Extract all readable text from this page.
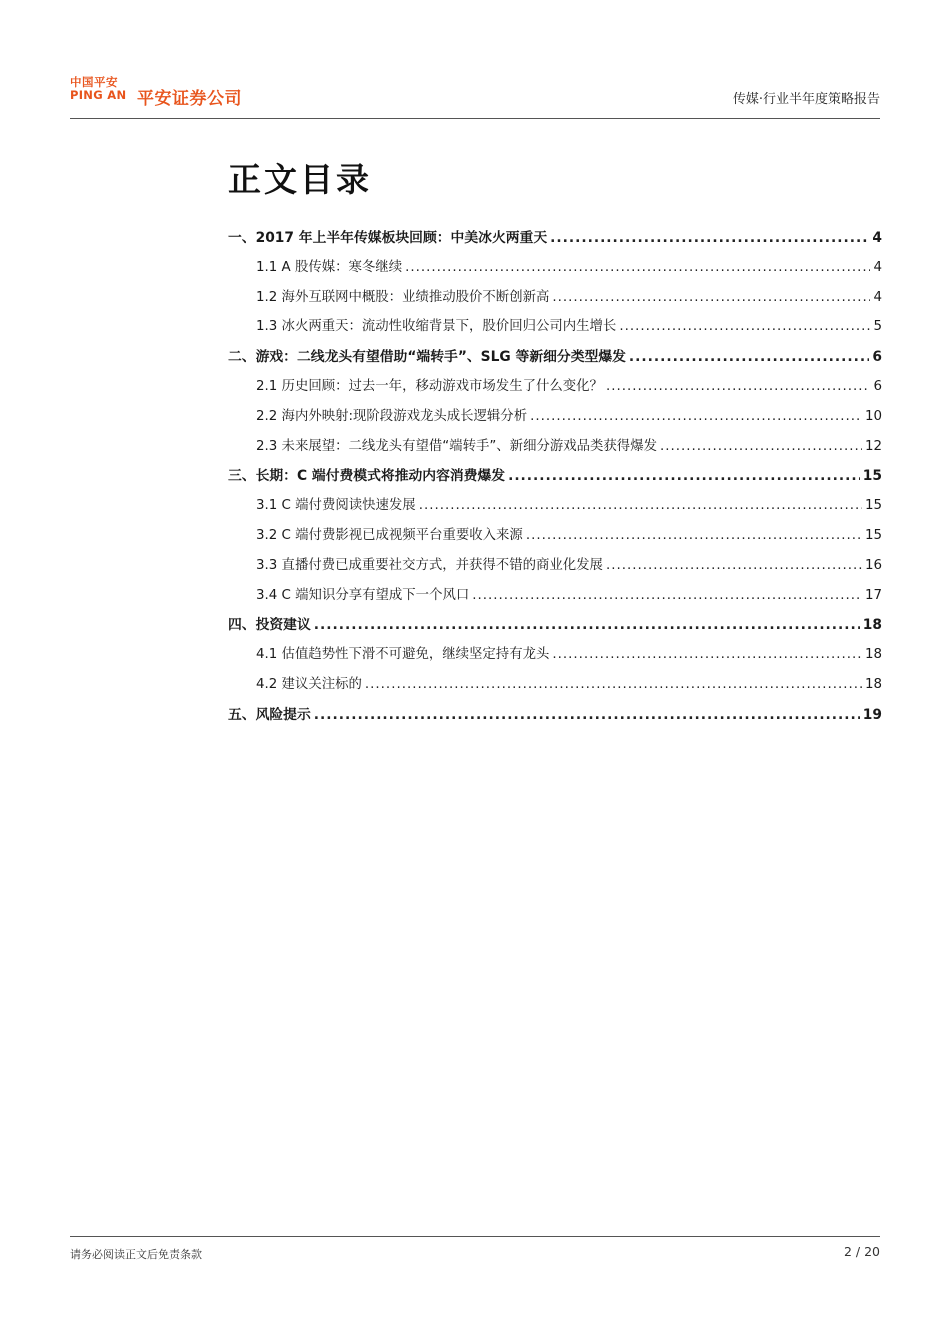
中国平安
PING AN 平安证券公司	传媒·行业半年度策略报告
正文目录
一、2017 年上半年传媒板块回顾：中美冰火两重天 .....	4
1.1 A 股传媒：寒冬继续 .....	4
1.2 海外互联网中概股：业绩推动股价不断创新高 .....	4
1.3 冰火两重天：流动性收缩背景下，股价回归公司内生增长 .....	5
二、游戏：二线龙头有望借助“端转手”、SLG 等新细分类型爆发 .....	6
2.1 历史回顾：过去一年，移动游戏市场发生了什么变化？ .....	6
2.2 海内外映射:现阶段游戏龙头成长逻辑分析 .....	10
2.3 未来展望：二线龙头有望借“端转手”、新细分游戏品类获得爆发 .....	12
三、长期：C 端付费模式将推动内容消费爆发 .....	15
3.1 C 端付费阅读快速发展 .....	15
3.2 C 端付费影视已成视频平台重要收入来源 .....	15
3.3 直播付费已成重要社交方式，并获得不错的商业化发展 .....	16
3.4 C 端知识分享有望成下一个风口 .....	17
四、投资建议 .....	18
4.1 估值趋势性下滑不可避免，继续坚定持有龙头 .....	18
4.2 建议关注标的 .....	18
五、风险提示 .....	19
请务必阅读正文后免责条款	2 / 20
